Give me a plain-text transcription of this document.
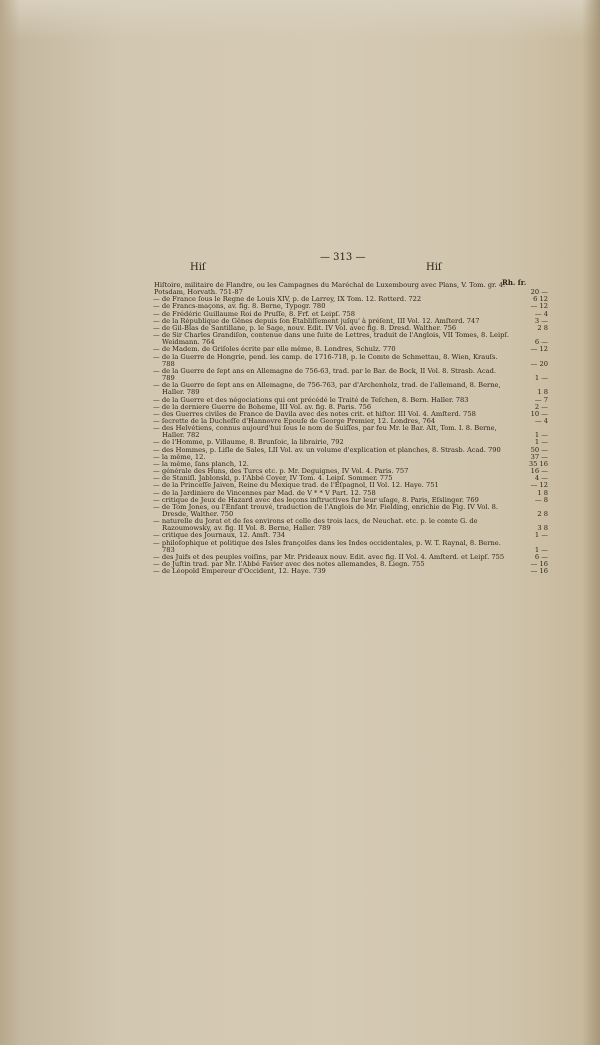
— 313 —
Hiſ	Hiſ
Rh. ſr.
Hiſtoire, militaire de Flandre, ou les Campagnes du Maréchal de Luxembourg avec Plans, V. Tom. gr. 4. Potsdam, Horvath. 751-87	20 —
— de France ſous le Regne de Louis XIV, p. de Larrey, IX Tom. 12. Rotterd. 722	6 12
— de Francs-maçons, av. fig. 8. Berne, Typogr. 780	— 12
— de Frédéric Guillaume Roi de Pruſſe, 8. Frf. et Leipſ. 758	— 4
— de la République de Gênes depuis ſon Établiſſement juſqu' à préſent, III Vol. 12. Amſterd. 747	3 —
— de Gil-Blas de Santillane, p. le Sage, nouv. Edit. IV Vol. avec fig. 8. Dresd. Walther. 756	2 8
— de Sir Charles Grandiſon, contenue dans une ſuite de Lettres, traduit de l'Anglois, VII Tomes, 8. Leipſ. Weidmann. 764	6 —
— de Madem. de Griſoles écrite par elle même, 8. Londres, Schulz. 770	— 12
— de la Guerre de Hongrie, pend. les camp. de 1716-718, p. le Comte de Schmettau, 8. Wien, Krauſs. 788	— 20
— de la Guerre de ſept ans en Allemagne de 756-63, trad. par le Bar. de Bock, II Vol. 8. Strasb. Acad. 789	1 —
— de la Guerre de ſept ans en Allemagne, de 756-763, par d'Archenholz, trad. de l'allemand, 8. Berne, Haller. 789	1 8
— de la Guerre et des négociations qui ont précédé le Traité de Teſchen, 8. Bern. Haller. 783	— 7
— de la derniere Guerre de Boheme, III Vol. av. fig. 8. Paris. 756	2 —
— des Guerres civiles de France de Davila avec des notes crit. et hiſtor. III Vol. 4. Amſterd. 758	10 —
— ſecrette de la Ducheſſe d'Hannovre Epouſe de George Premier, 12. Londres, 764	— 4
— des Helvétiens, connus aujourd'hui ſous le nom de Suiſſes, par feu Mr. le Bar. Alt, Tom. I. 8. Berne, Haller. 782	1 —
— de l'Homme, p. Villaume, 8. Brunſoic, la librairie, 792	1 —
— des Hommes, p. Liſle de Sales, LII Vol. av. un volume d'explication et planches, 8. Strasb. Acad. 790	50 —
— la même, 12.	37 —
— la même, ſans planch, 12.	35 16
— générale des Huns, des Turcs etc. p. Mr. Deguignes, IV Vol. 4. Paris. 757	16 —
— de Staniſl. Jablonski, p. l'Abbé Coyer, IV Tom. 4. Leipſ. Sommer. 775	4 —
— de la Princeſſe Jaiven, Reine du Mexique trad. de l'Eſpagnol, II Vol. 12. Haye. 751	— 12
— de la Jardiniere de Vincennes par Mad. de V * * V Part. 12. 758	1 8
— critique de Jeux de Hazard avec des leçons inſtructives ſur leur uſage, 8. Paris, Eſslinger. 769	— 8
— de Tom Jones, ou l'Enfant trouvé, traduction de l'Anglois de Mr. Fielding, enrichie de Fig. IV Vol. 8. Dresde, Walther. 750	2 8
— naturelle du Jorat et de ſes environs et celle des trois lacs, de Neuchat. etc. p. le comte G. de Razoumowsky, av. fig. II Vol. 8. Berne, Haller. 789	3 8
— critique des Journaux, 12. Amſt. 734	1 —
— philoſophique et politique des Isles françoiſes dans les Indes occidentales, p. W. T. Raynal, 8. Berne. 783	1 —
— des Juifs et des peuples voiſins, par Mr. Prideaux nouv. Edit. avec fig. II Vol. 4. Amſterd. et Leipſ. 755	6 —
— de Juſtin trad. par Mr. l'Abbé Favier avec des notes allemandes, 8. Liegn. 755	— 16
— de Léopold Empereur d'Occident, 12. Haye. 739	— 16
